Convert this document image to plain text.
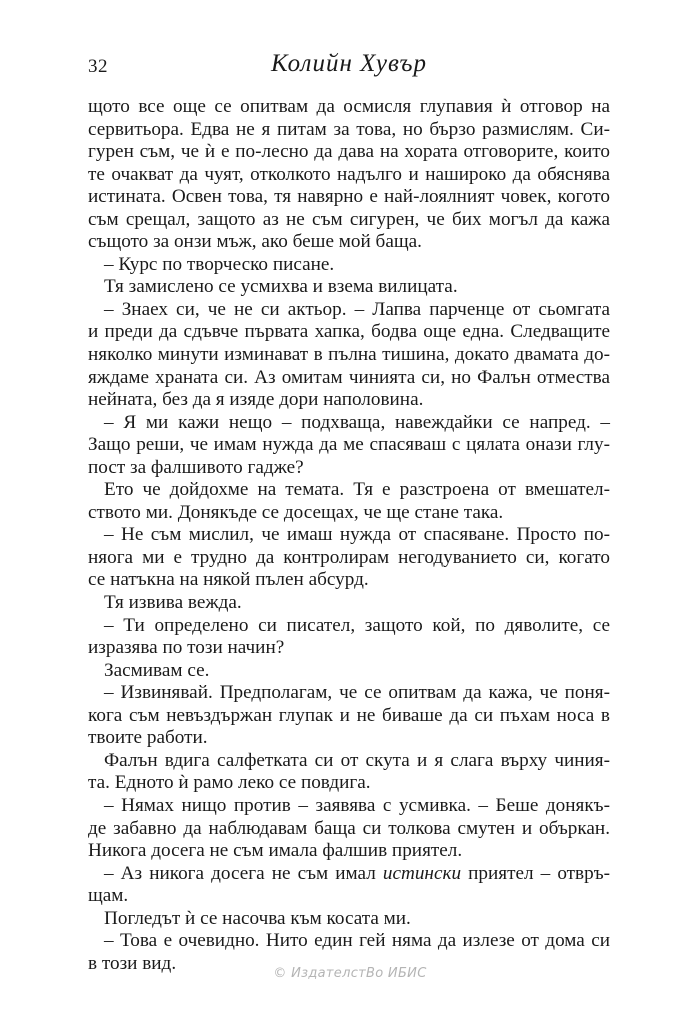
32	Колийн Хувър

щото все още се опитвам да осмисля глупавия ѝ отговор на

сервитьора. Едва не я питам за това, но бързо размислям. Си-

гурен съм, че ѝ е по-лесно да дава на хората отговорите, които

те очакват да чуят, отколкото надълго и нашироко да обяснява

истината. Освен това, тя навярно е най-лоялният човек, когото

съм срещал, защото аз не съм сигурен, че бих могъл да кажа

същото за онзи мъж, ако беше мой баща.

– Курс по творческо писане.

Тя замислено се усмихва и взема вилицата.

– Знаех си, че не си актьор. – Лапва парченце от сьомгата

и преди да сдъвче първата хапка, бодва още една. Следващите

няколко минути изминават в пълна тишина, докато двамата до-

яждаме храната си. Аз омитам чинията си, но Фалън отмества

нейната, без да я изяде дори наполовина.

– Я ми кажи нещо – подхваща, навеждайки се напред. –

Защо реши, че имам нужда да ме спасяваш с цялата онази глу-

пост за фалшивото гадже?

Ето че дойдохме на темата. Тя е разстроена от вмешател-

ството ми. Донякъде се досещах, че ще стане така.

– Не съм мислил, че имаш нужда от спасяване. Просто по-

няога ми е трудно да контролирам негодуванието си, когато

се натъкна на някой пълен абсурд.

Тя извива вежда.

– Ти определено си писател, защото кой, по дяволите, се

изразява по този начин?

Засмивам се.

– Извинявай. Предполагам, че се опитвам да кажа, че поня-

когa съм невъздържан глупак и не биваше да си пъхам носа в

твоите работи.

Фалън вдига салфетката си от скута и я слага върху чиния-

та. Едното ѝ рамо леко се повдига.

– Нямах нищо против – заявява с усмивка. – Беше донякъ-

де забавно да наблюдавам баща си толкова смутен и объркан.

Никога досега не съм имала фалшив приятел.

– Аз никога досега не съм имал истински приятел – отвръ-

щам.

Погледът ѝ се насочва към косата ми.

– Това е очевидно. Нито един гей няма да излезе от дома си

в този вид.	© ИздателстВо ИБИС
